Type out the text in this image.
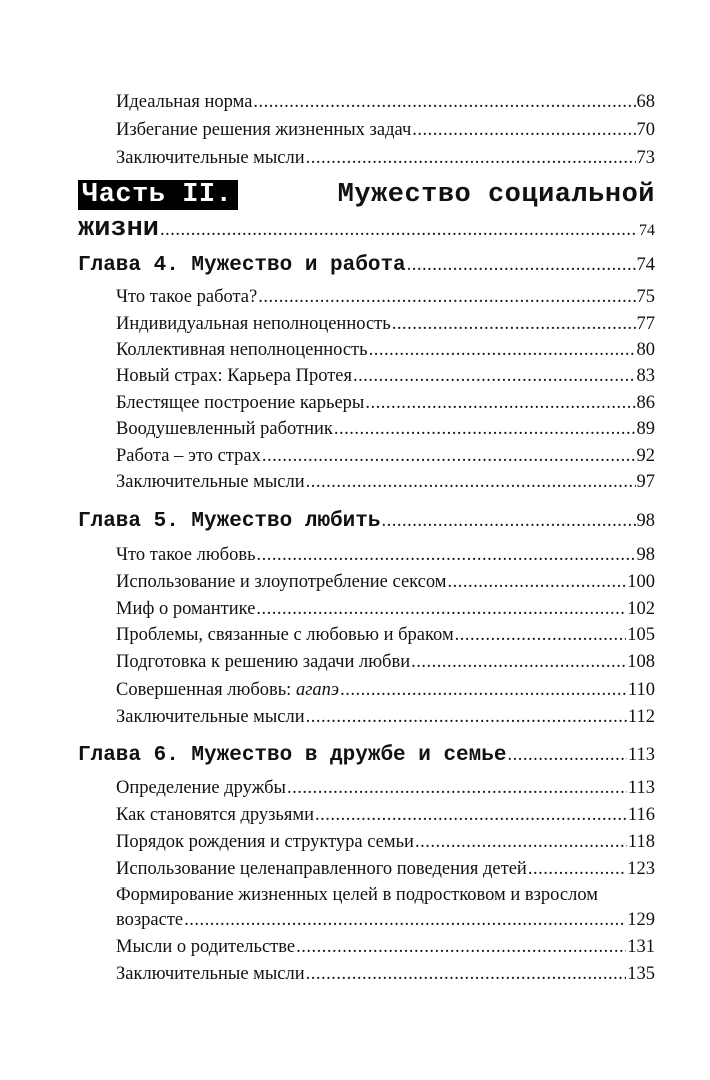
Идеальная норма .....	68
Избегание решения жизненных задач .....	70
Заключительные мысли .....	73
Часть II.	Мужество социальной
жизни .....	74
Глава 4. Мужество и работа .....	74
Что такое работа? .....	75
Индивидуальная неполноценность .....	77
Коллективная неполноценность .....	80
Новый страх: Карьера Протея .....	83
Блестящее построение карьеры .....	86
Воодушевленный работник .....	89
Работа – это страх .....	92
Заключительные мысли .....	97
Глава 5. Мужество любить .....	98
Что такое любовь .....	98
Использование и злоупотребление сексом .....	100
Миф о романтике .....	102
Проблемы, связанные с любовью и браком .....	105
Подготовка к решению задачи любви .....	108
Совершенная любовь: агапэ .....	110
Заключительные мысли .....	112
Глава 6. Мужество в дружбе и семье .....	113
Определение дружбы .....	113
Как становятся друзьями .....	116
Порядок рождения и структура семьи .....	118
Использование целенаправленного поведения детей .....	123
Формирование жизненных целей в подростковом и взрослом
возрасте .....	129
Мысли о родительстве .....	131
Заключительные мысли .....	135
